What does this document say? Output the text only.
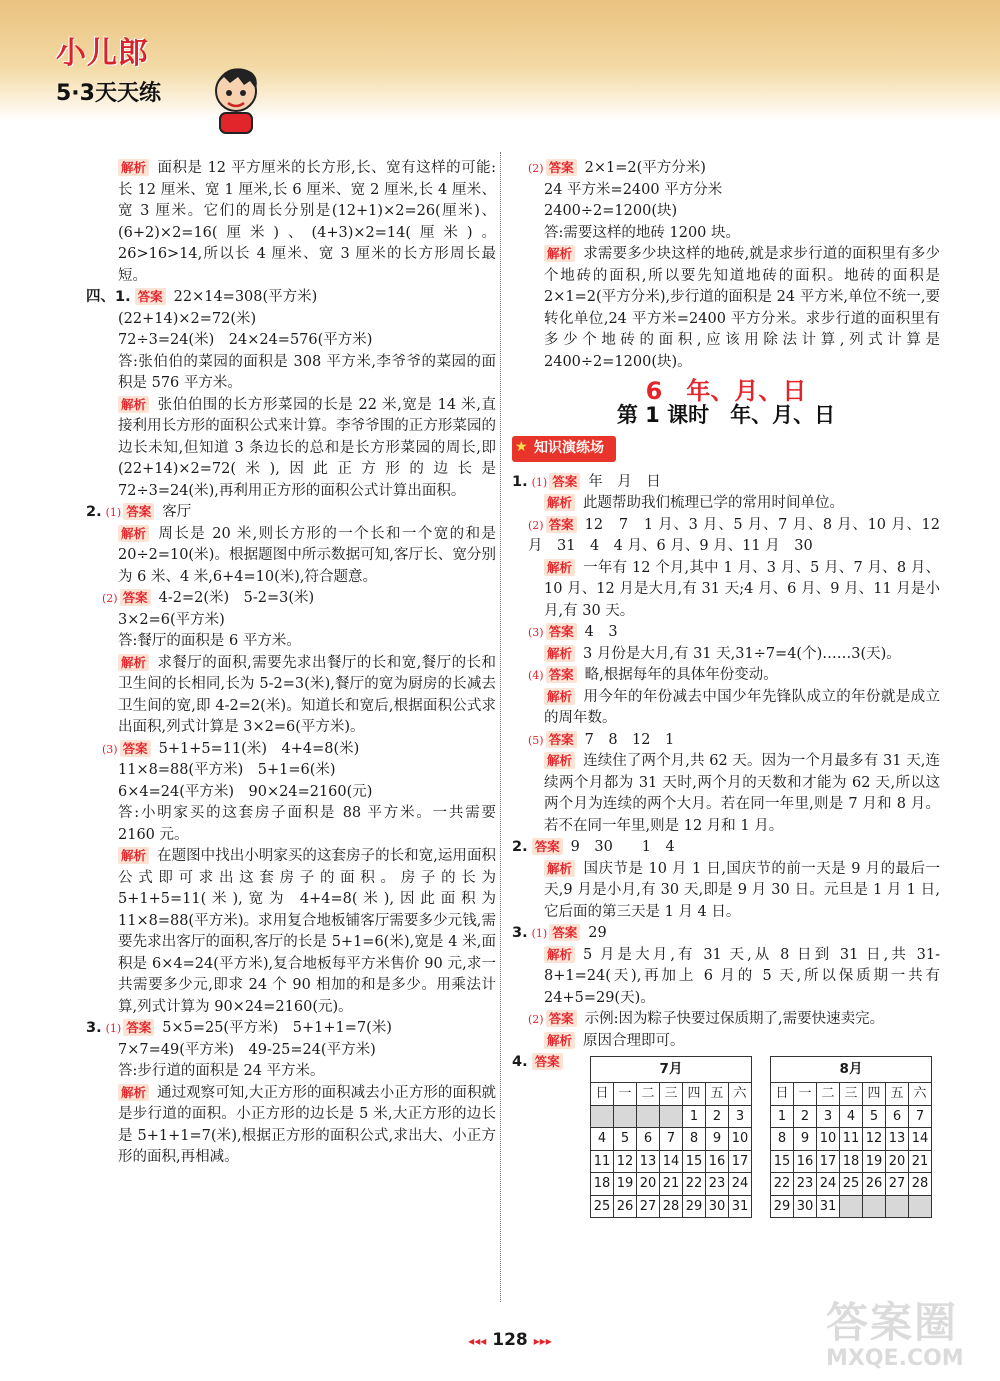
小儿郎
5·3天天练
解析 面积是 12 平方厘米的长方形,长、宽有这样的可能:长 12 厘米、宽 1 厘米,长 6 厘米、宽 2 厘米,长 4 厘米、宽 3 厘米。它们的周长分别是(12+1)×2=26(厘米)、(6+2)×2=16(厘米)、(4+3)×2=14(厘米)。26>16>14,所以长 4 厘米、宽 3 厘米的长方形周长最短。
四、1. 答案 22×14=308(平方米)
(22+14)×2=72(米)
72÷3=24(米)　24×24=576(平方米)
答:张伯伯的菜园的面积是 308 平方米,李爷爷的菜园的面积是 576 平方米。
解析 张伯伯围的长方形菜园的长是 22 米,宽是 14 米,直接利用长方形的面积公式来计算。李爷爷围的正方形菜园的边长未知,但知道 3 条边长的总和是长方形菜园的周长,即(22+14)×2=72(米),因此正方形的边长是 72÷3=24(米),再利用正方形的面积公式计算出面积。
2. (1) 答案 客厅
解析 周长是 20 米,则长方形的一个长和一个宽的和是 20÷2=10(米)。根据题图中所示数据可知,客厅长、宽分别为 6 米、4 米,6+4=10(米),符合题意。
(2) 答案 4-2=2(米)　5-2=3(米)
3×2=6(平方米)
答:餐厅的面积是 6 平方米。
解析 求餐厅的面积,需要先求出餐厅的长和宽,餐厅的长和卫生间的长相同,长为 5-2=3(米),餐厅的宽为厨房的长减去卫生间的宽,即 4-2=2(米)。知道长和宽后,根据面积公式求出面积,列式计算是 3×2=6(平方米)。
(3) 答案 5+1+5=11(米)　4+4=8(米)
11×8=88(平方米)　5+1=6(米)
6×4=24(平方米)　90×24=2160(元)
答:小明家买的这套房子面积是 88 平方米。一共需要 2160 元。
解析 在题图中找出小明家买的这套房子的长和宽,运用面积公式即可求出这套房子的面积。房子的长为 5+1+5=11(米),宽为 4+4=8(米),因此面积为 11×8=88(平方米)。求用复合地板铺客厅需要多少元钱,需要先求出客厅的面积,客厅的长是 5+1=6(米),宽是 4 米,面积是 6×4=24(平方米),复合地板每平方米售价 90 元,求一共需要多少元,即求 24 个 90 相加的和是多少。用乘法计算,列式计算为 90×24=2160(元)。
3. (1) 答案 5×5=25(平方米)　5+1+1=7(米)
7×7=49(平方米)　49-25=24(平方米)
答:步行道的面积是 24 平方米。
解析 通过观察可知,大正方形的面积减去小正方形的面积就是步行道的面积。小正方形的边长是 5 米,大正方形的边长是 5+1+1=7(米),根据正方形的面积公式,求出大、小正方形的面积,再相减。
(2) 答案 2×1=2(平方分米)
24 平方米=2400 平方分米
2400÷2=1200(块)
答:需要这样的地砖 1200 块。
解析 求需要多少块这样的地砖,就是求步行道的面积里有多少个地砖的面积,所以要先知道地砖的面积。地砖的面积是 2×1=2(平方分米),步行道的面积是 24 平方米,单位不统一,要转化单位,24 平方米=2400 平方分米。求步行道的面积里有多少个地砖的面积,应该用除法计算,列式计算是 2400÷2=1200(块)。
6　年、月、日
第 1 课时　年、月、日
★ 知识演练场
1. (1) 答案 年　月　日
解析 此题帮助我们梳理已学的常用时间单位。
(2) 答案 12　7　1 月、3 月、5 月、7 月、8 月、10 月、12 月　31　4　4 月、6 月、9 月、11 月　30
解析 一年有 12 个月,其中 1 月、3 月、5 月、7 月、8 月、10 月、12 月是大月,有 31 天;4 月、6 月、9 月、11 月是小月,有 30 天。
(3) 答案 4　3
解析 3 月份是大月,有 31 天,31÷7=4(个)……3(天)。
(4) 答案 略,根据每年的具体年份变动。
解析 用今年的年份减去中国少年先锋队成立的年份就是成立的周年数。
(5) 答案 7　8　12　1
解析 连续住了两个月,共 62 天。因为一个月最多有 31 天,连续两个月都为 31 天时,两个月的天数和才能为 62 天,所以这两个月为连续的两个大月。若在同一年里,则是 7 月和 8 月。若不在同一年里,则是 12 月和 1 月。
2. 答案 9　30　　1　4
解析 国庆节是 10 月 1 日,国庆节的前一天是 9 月的最后一天,9 月是小月,有 30 天,即是 9 月 30 日。元旦是 1 月 1 日,它后面的第三天是 1 月 4 日。
3. (1) 答案 29
解析 5 月是大月,有 31 天,从 8 日到 31 日,共 31-8+1=24(天),再加上 6 月的 5 天,所以保质期一共有 24+5=29(天)。
(2) 答案 示例:因为粽子快要过保质期了,需要快速卖完。
解析 原因合理即可。
4. 答案	7月						
日	一	二	三	四	五	六
				1	2	3
4	5	6	7	8	9	10
11	12	13	14	15	16	17
18	19	20	21	22	23	24
25	26	27	28	29	30	31
8月						
日	一	二	三	四	五	六
1	2	3	4	5	6	7
8	9	10	11	12	13	14
15	16	17	18	19	20	21
22	23	24	25	26	27	28
29	30	31				
◂◂◂ 128 ▸▸▸	答案圈
MXQE.COM
